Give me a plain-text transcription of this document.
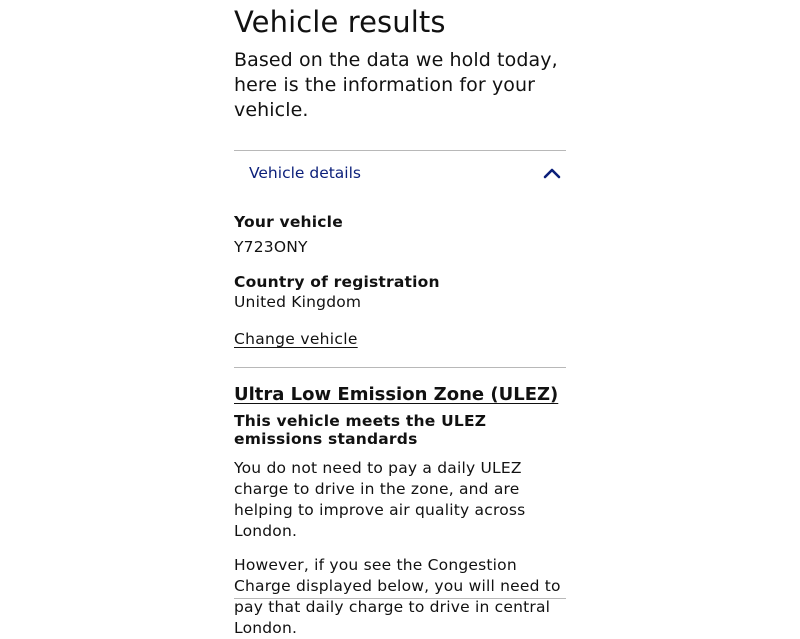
Vehicle results

Based on the data we hold today, here is the information for your vehicle.

Vehicle details
Your vehicle
Y723ONY
Country of registration
United Kingdom
Change vehicle
Ultra Low Emission Zone (ULEZ)
This vehicle meets the ULEZ emissions standards

You do not need to pay a daily ULEZ charge to drive in the zone, and are helping to improve air quality across London.

However, if you see the Congestion Charge displayed below, you will need to pay that daily charge to drive in central London.
